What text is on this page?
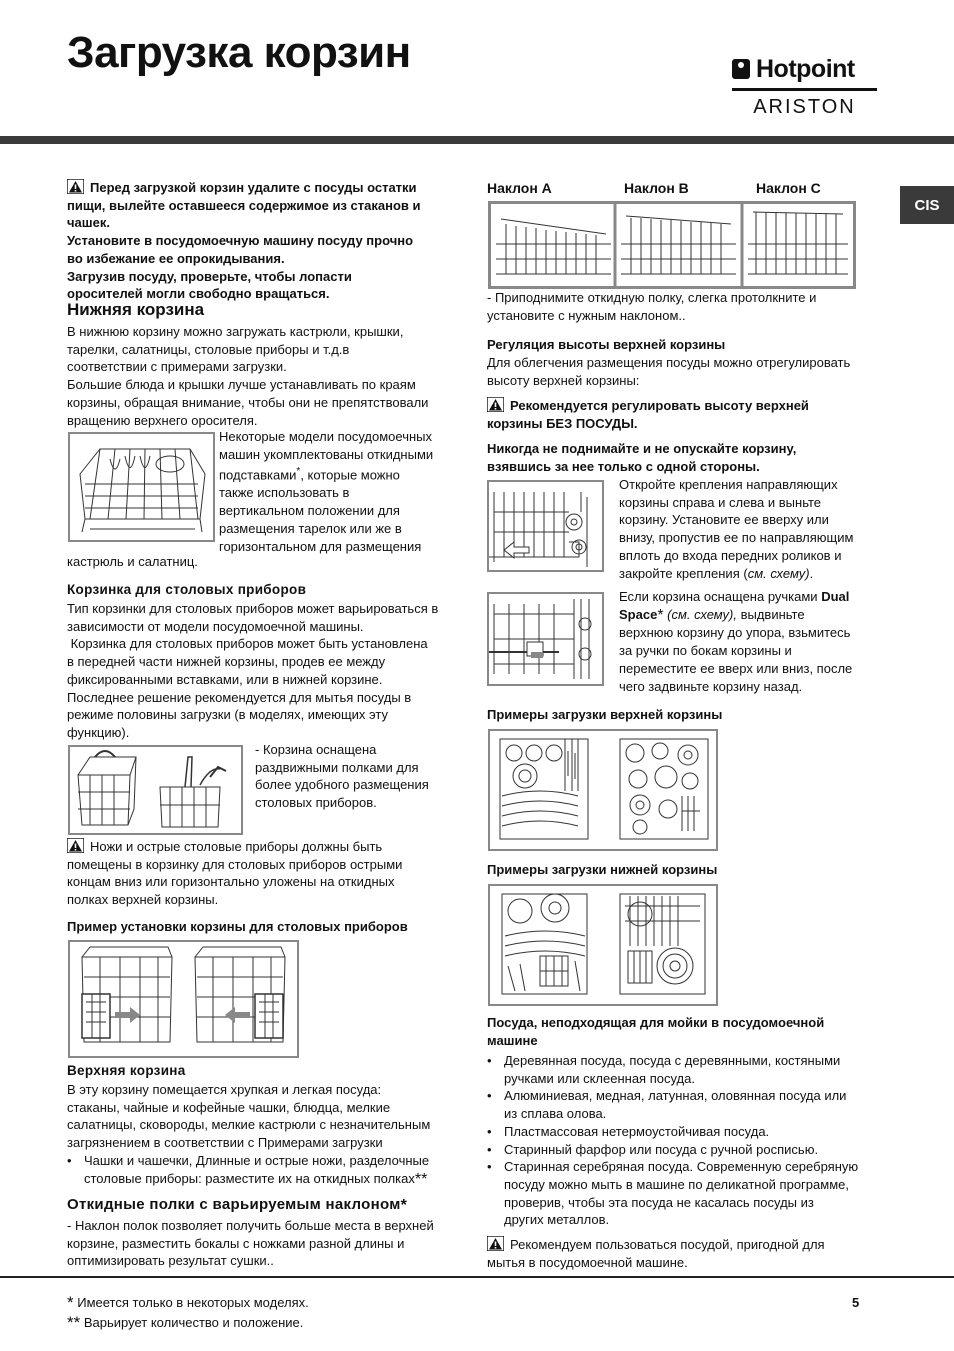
Загрузка корзин	Hotpoint
ARISTON
CIS
Перед загрузкой корзин удалите с посуды остатки
пищи, вылейте оставшееся содержимое из стаканов и
чашек.
Установите в посудомоечную машину посуду прочно
во избежание ее опрокидывания.
Загрузив посуду, проверьте, чтобы лопасти
оросителей могли свободно вращаться.
Нижняя корзина
В нижнюю корзину можно загружать кастрюли, крышки,
тарелки, салатницы, столовые приборы и т.д.в
соответствии с примерами загрузки.
Большие блюда и крышки лучше устанавливать по краям
корзины, обращая внимание, чтобы они не препятствовали
вращению верхнего оросителя.
Некоторые модели посудомоечных
машин укомплектованы откидными
подставками*, которые можно
также использовать в
вертикальном положении для
размещения тарелок или же в
горизонтальном для размещения
кастрюль и салатниц.
Корзинка для столовых приборов
Тип корзинки для столовых приборов может варьироваться в
зависимости от модели посудомоечной машины.
Корзинка для столовых приборов может быть установлена
в передней части нижней корзины, продев ее между
фиксированными вставками, или в нижней корзине.
Последнее решение рекомендуется для мытья посуды в
режиме половины загрузки (в моделях, имеющих эту
функцию).
- Корзина оснащена
раздвижными полками для
более удобного размещения
столовых приборов.
Ножи и острые столовые приборы должны быть
помещены в корзинку для столовых приборов острыми
концам вниз или горизонтально уложены на откидных
полках верхней корзины.
Пример установки корзины для столовых приборов
Верхняя корзина
В эту корзину помещается хрупкая и легкая посуда:
стаканы, чайные и кофейные чашки, блюдца, мелкие
салатницы, сковороды, мелкие кастрюли с незначительным
загрязнением в соответствии с Примерами загрузки
• Чашки и чашечки, Длинные и острые ножи, разделочные
столовые приборы: разместите их на откидных полках**
Откидные полки с варьируемым наклоном*
- Наклон полок позволяет получить больше места в верхней
корзине, разместить бокалы с ножками разной длины и
оптимизировать результат сушки..
Наклон A	Наклон B	Наклон C
- Приподнимите откидную полку, слегка протолкните и
установите с нужным наклоном..
Регуляция высоты верхней корзины
Для облегчения размещения посуды можно отрегулировать
высоту верхней корзины:
Рекомендуется регулировать высоту верхней
корзины БЕЗ ПОСУДЫ.
Никогда не поднимайте и не опускайте корзину,
взявшись за нее только с одной стороны.
Откройте крепления направляющих
корзины справа и слева и выньте
корзину. Установите ее вверху или
внизу, пропустив ее по направляющим
вплоть до входа передних роликов и
закройте крепления (см. схему).
Если корзина оснащена ручками Dual
Space* (см. схему), выдвиньте
верхнюю корзину до упора, взьмитесь
за ручки по бокам корзины и
переместите ее вверх или вниз, после
чего задвиньте корзину назад.
Примеры загрузки верхней корзины
Примеры загрузки нижней корзины
Посуда, неподходящая для мойки в посудомоечной
машине
• Деревянная посуда, посуда с деревянными, костяными
ручками или склеенная посуда.
• Алюминиевая, медная, латунная, оловянная посуда или
из сплава олова.
• Пластмассовая нетермоустойчивая посуда.
• Старинный фарфор или посуда с ручной росписью.
• Старинная серебряная посуда. Современную серебряную
посуду можно мыть в машине по деликатной программе,
проверив, чтобы эта посуда не касалась посуды из
других металлов.
Рекомендуем пользоваться посудой, пригодной для
мытья в посудомоечной машине.
* Имеется только в некоторых моделях.
** Варьирует количество и положение.
5
